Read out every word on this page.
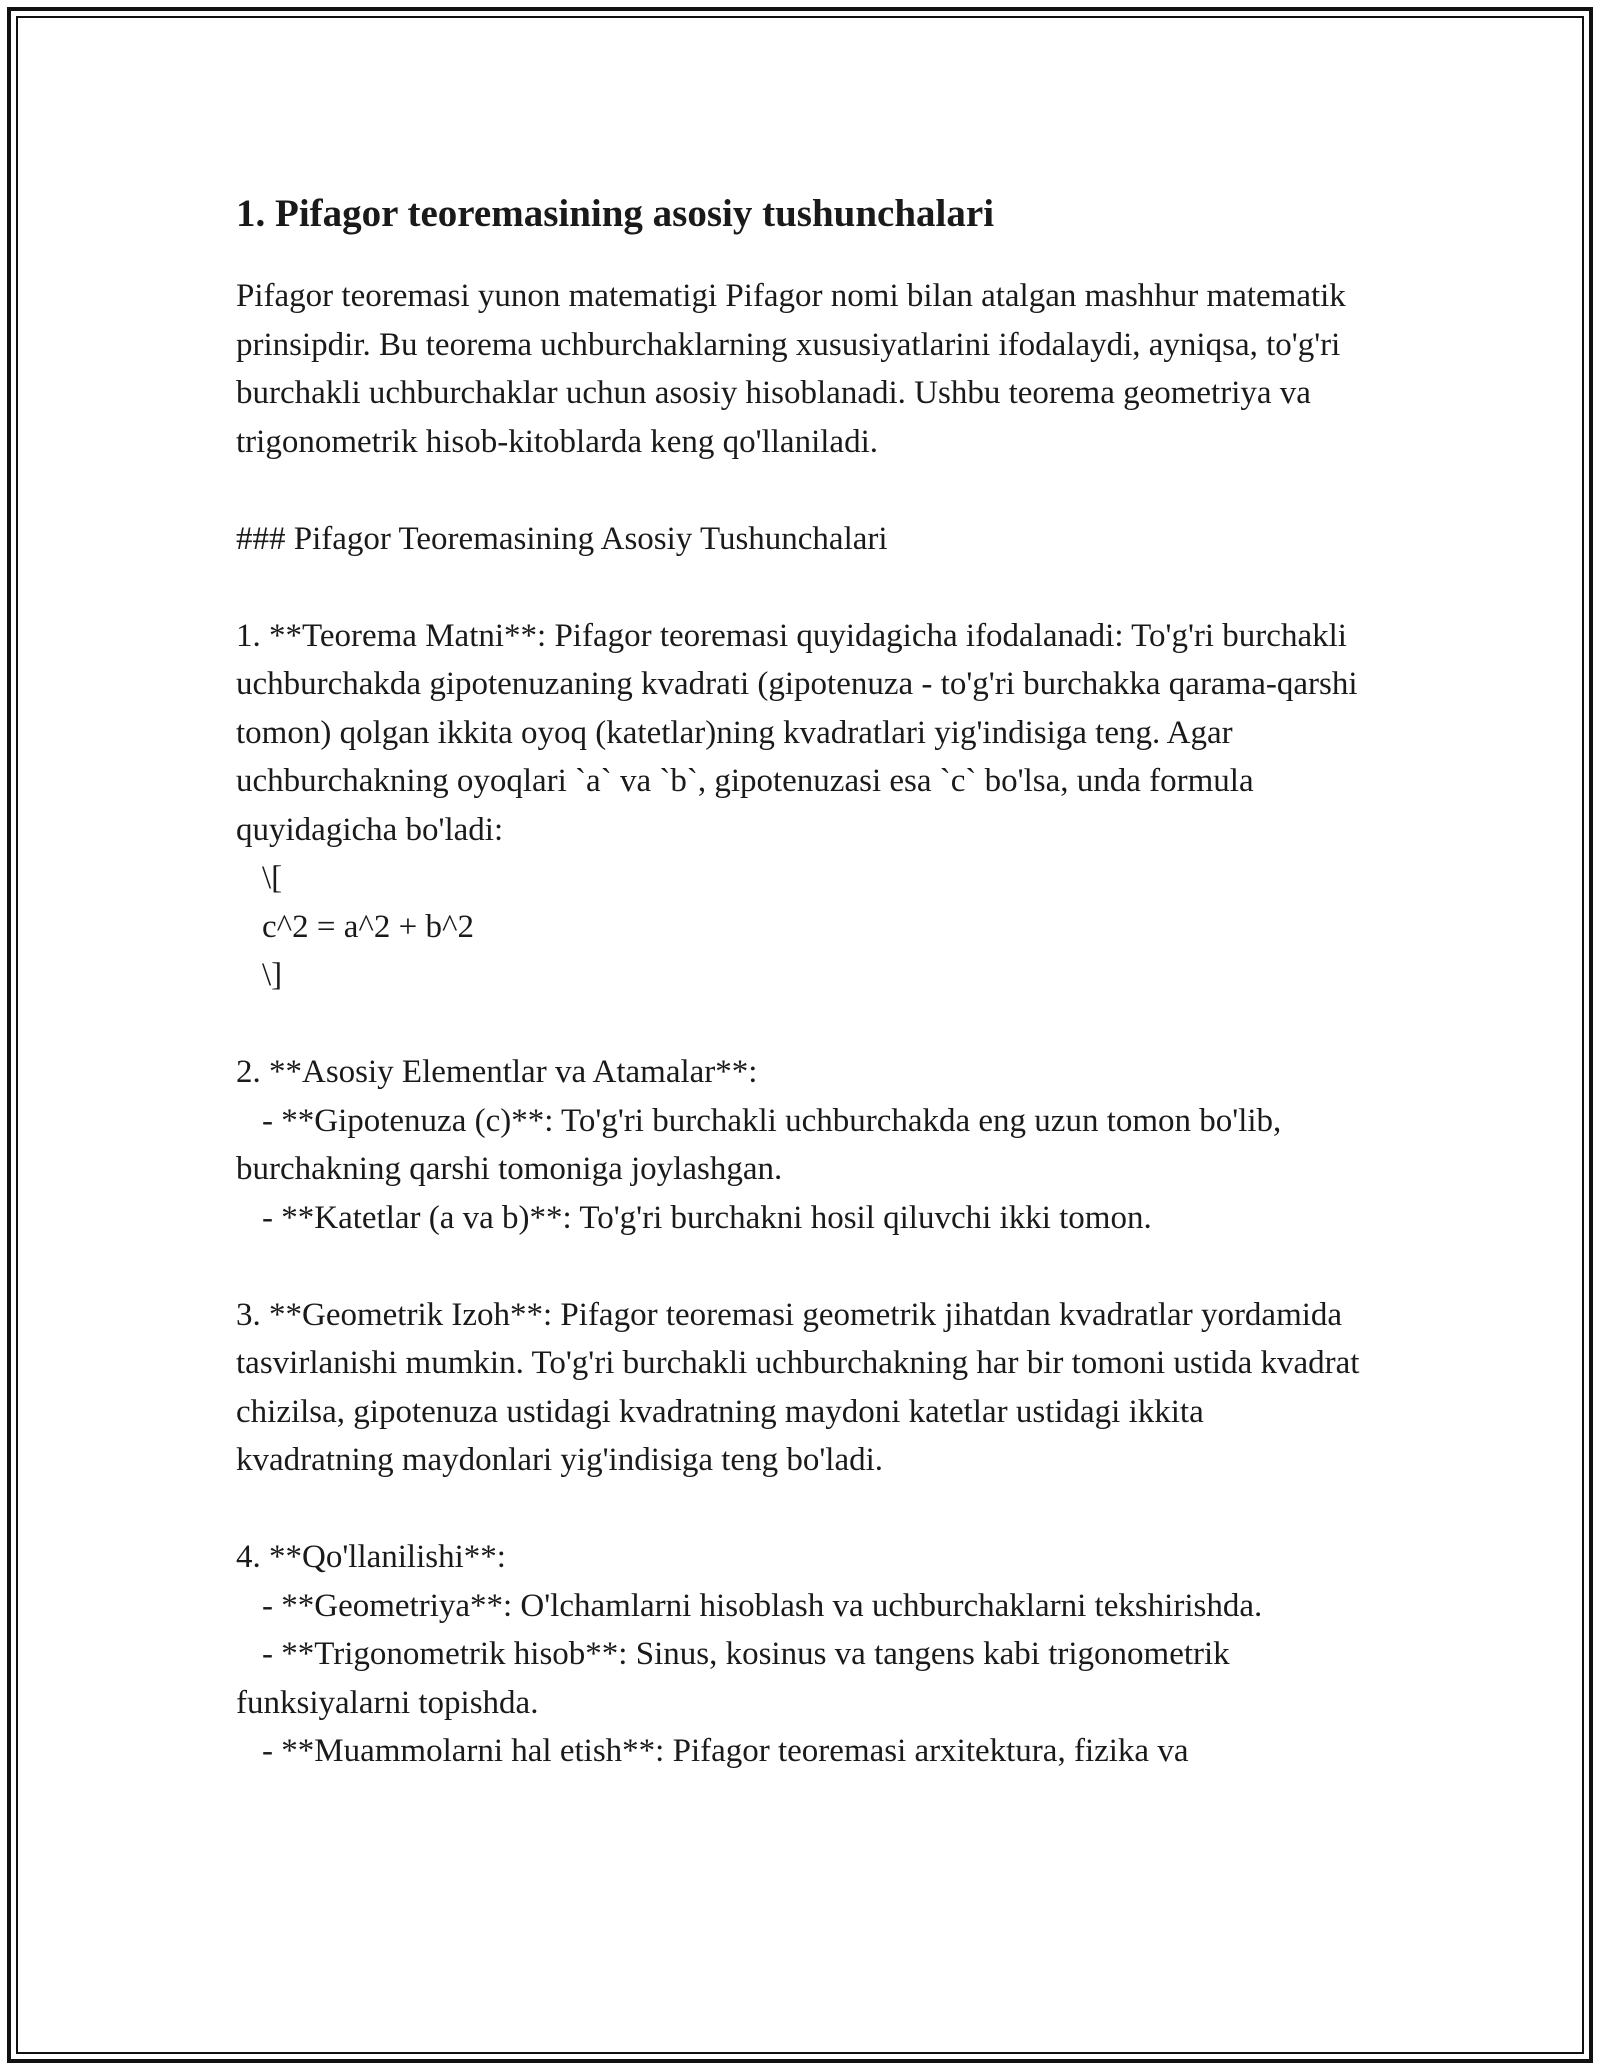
1. Pifagor teoremasining asosiy tushunchalari

Pifagor teoremasi yunon matematigi Pifagor nomi bilan atalgan mashhur matematik prinsipdir. Bu teorema uchburchaklarning xususiyatlarini ifodalaydi, ayniqsa, to'g'ri burchakli uchburchaklar uchun asosiy hisoblanadi. Ushbu teorema geometriya va trigonometrik hisob-kitoblarda keng qo'llaniladi.

### Pifagor Teoremasining Asosiy Tushunchalari

1. **Teorema Matni**: Pifagor teoremasi quyidagicha ifodalanadi: To'g'ri burchakli uchburchakda gipotenuzaning kvadrati (gipotenuza - to'g'ri burchakka qarama-qarshi tomon) qolgan ikkita oyoq (katetlar)ning kvadratlari yig'indisiga teng. Agar uchburchakning oyoqlari `a` va `b`, gipotenuzasi esa `c` bo'lsa, unda formula quyidagicha bo'ladi:

\[

c^2 = a^2 + b^2

\]

2. **Asosiy Elementlar va Atamalar**:

- **Gipotenuza (c)**: To'g'ri burchakli uchburchakda eng uzun tomon bo'lib, burchakning qarshi tomoniga joylashgan.

- **Katetlar (a va b)**: To'g'ri burchakni hosil qiluvchi ikki tomon.

3. **Geometrik Izoh**: Pifagor teoremasi geometrik jihatdan kvadratlar yordamida tasvirlanishi mumkin. To'g'ri burchakli uchburchakning har bir tomoni ustida kvadrat chizilsa, gipotenuza ustidagi kvadratning maydoni katetlar ustidagi ikkita kvadratning maydonlari yig'indisiga teng bo'ladi.

4. **Qo'llanilishi**:

- **Geometriya**: O'lchamlarni hisoblash va uchburchaklarni tekshirishda.

- **Trigonometrik hisob**: Sinus, kosinus va tangens kabi trigonometrik funksiyalarni topishda.

- **Muammolarni hal etish**: Pifagor teoremasi arxitektura, fizika va
